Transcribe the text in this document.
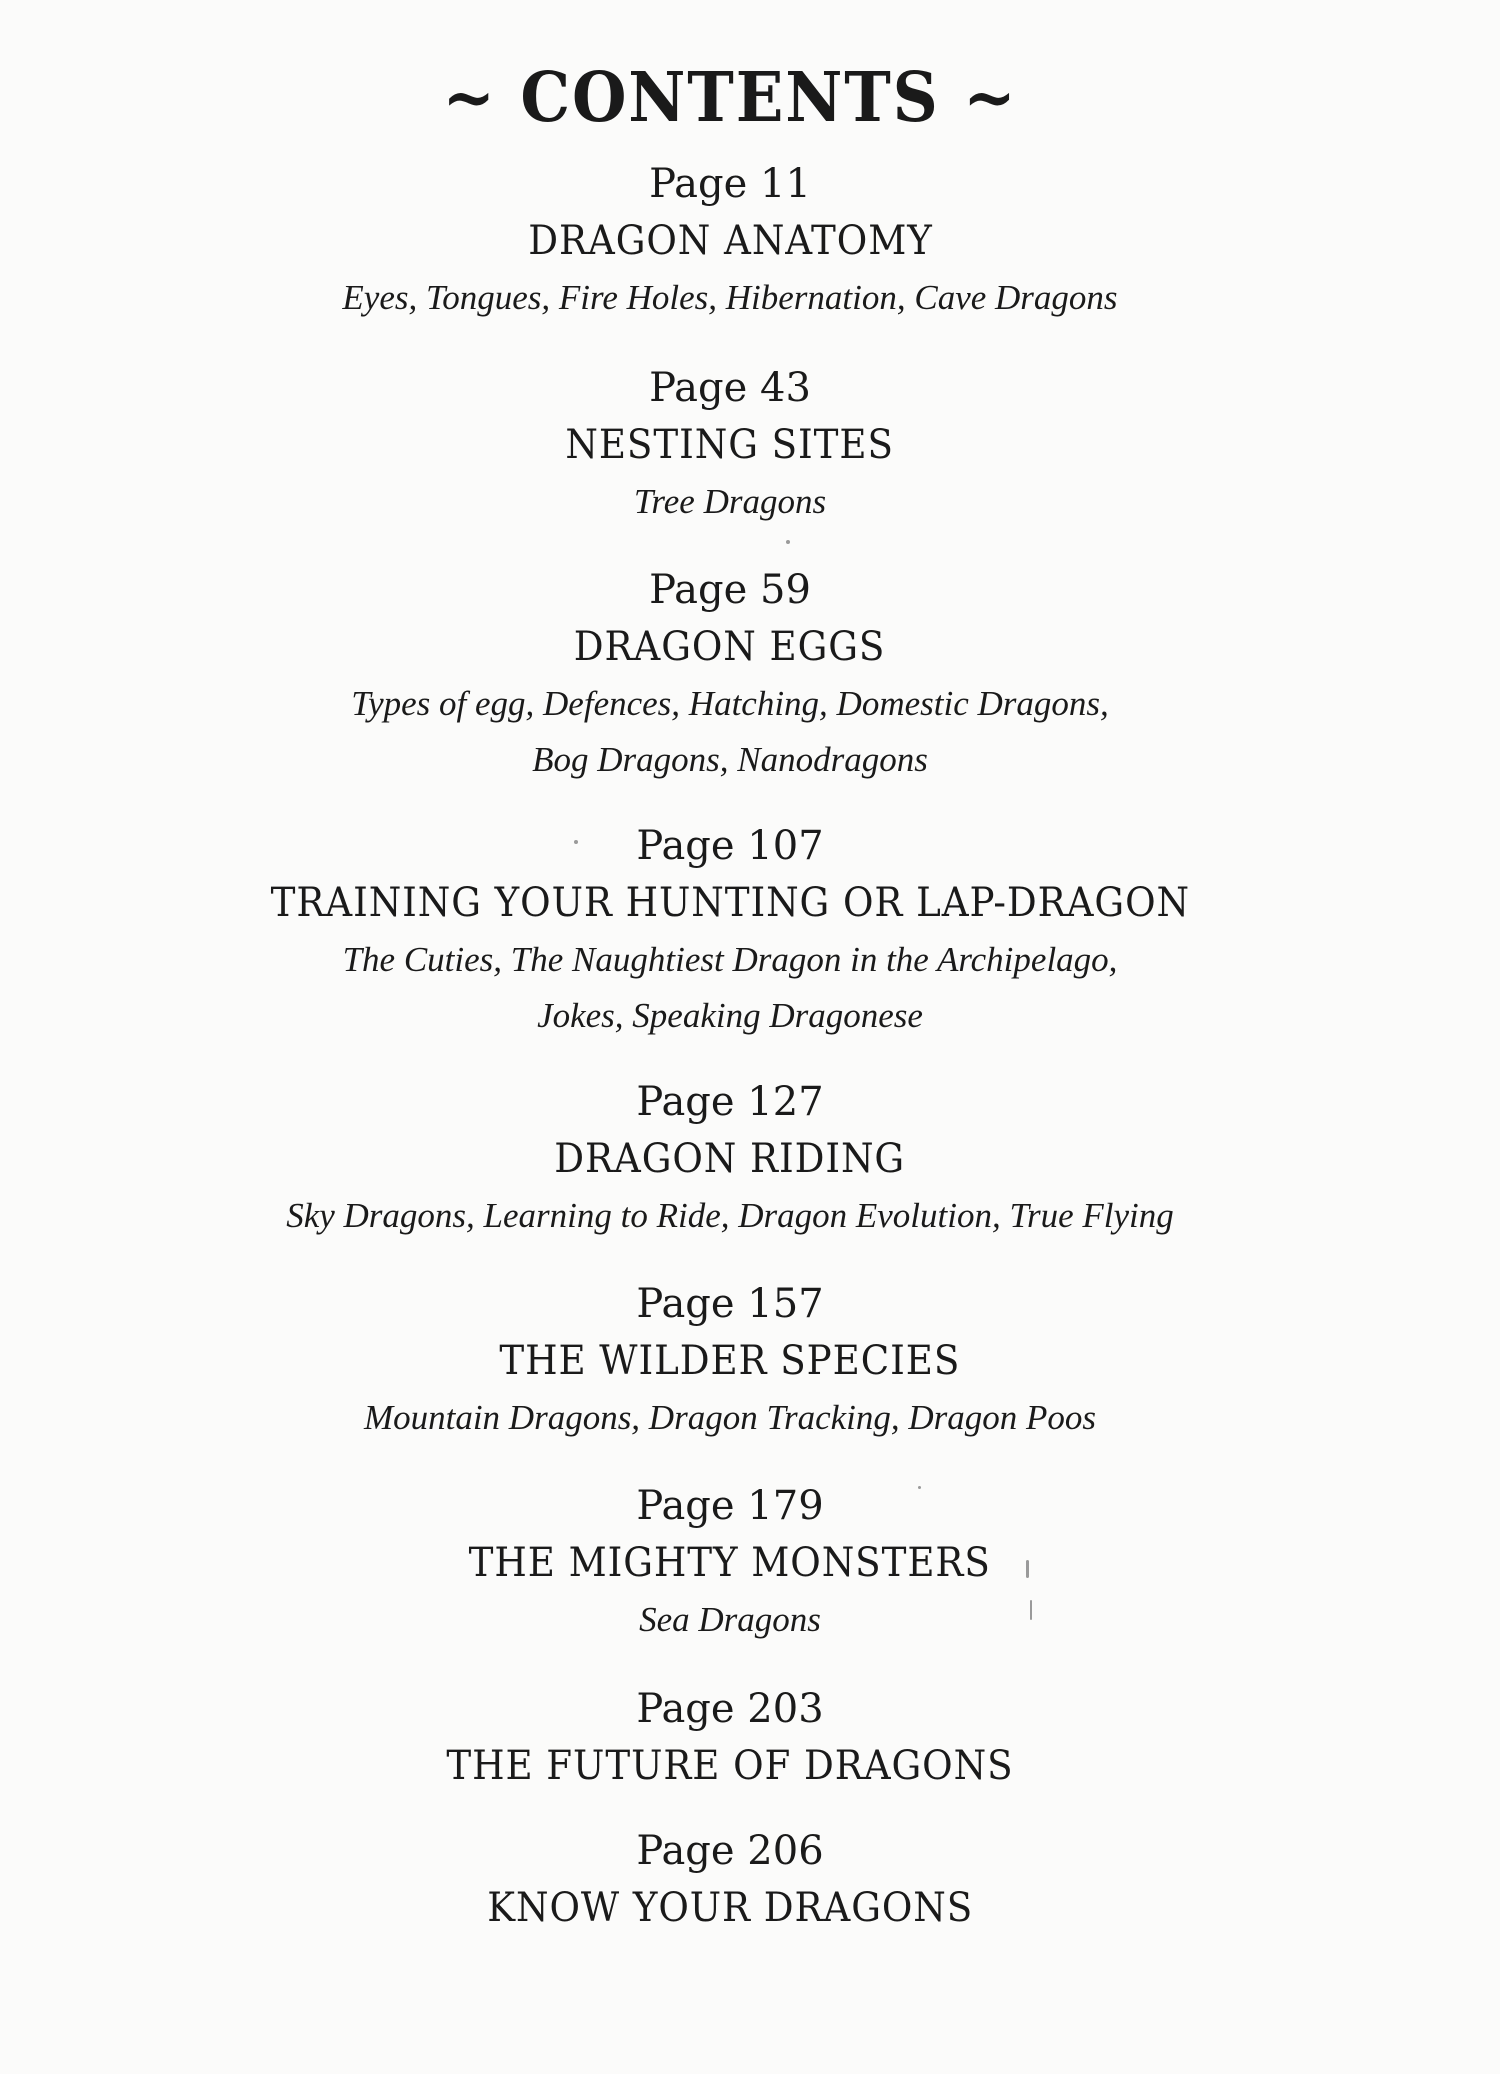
~ CONTENTS ~
Page 11
DRAGON ANATOMY
Eyes, Tongues, Fire Holes, Hibernation, Cave Dragons
Page 43
NESTING SITES
Tree Dragons
Page 59
DRAGON EGGS
Types of egg, Defences, Hatching, Domestic Dragons,
Bog Dragons, Nanodragons
Page 107
TRAINING YOUR HUNTING OR LAP-DRAGON
The Cuties, The Naughtiest Dragon in the Archipelago,
Jokes, Speaking Dragonese
Page 127
DRAGON RIDING
Sky Dragons, Learning to Ride, Dragon Evolution, True Flying
Page 157
THE WILDER SPECIES
Mountain Dragons, Dragon Tracking, Dragon Poos
Page 179
THE MIGHTY MONSTERS
Sea Dragons
Page 203
THE FUTURE OF DRAGONS
Page 206
KNOW YOUR DRAGONS
